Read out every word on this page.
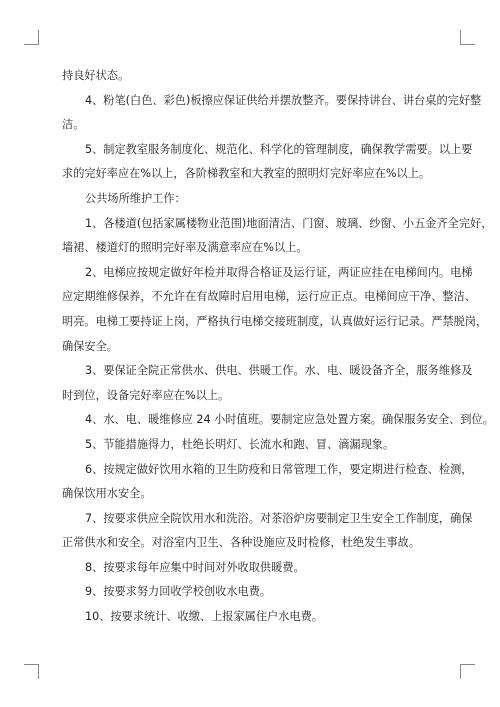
持良好状态。
4、粉笔(白色、彩色)板擦应保证供给并摆放整齐。要保持讲台、讲台桌的完好整
洁。
5、制定教室服务制度化、规范化、科学化的管理制度，确保教学需要。以上要
求的完好率应在%以上，各阶梯教室和大教室的照明灯完好率应在%以上。
公共场所维护工作：
1、各楼道(包括家属楼物业范围)地面清洁、门窗、玻璃、纱窗、小五金齐全完好，
墙裙、楼道灯的照明完好率及满意率应在%以上。
2、电梯应按规定做好年检并取得合格证及运行证，两证应挂在电梯间内。电梯
应定期维修保养，不允许在有故障时启用电梯，运行应正点。电梯间应干净、整洁、
明亮。电梯工要持证上岗，严格执行电梯交接班制度，认真做好运行记录。严禁脱岗，
确保安全。
3、要保证全院正常供水、供电、供暖工作。水、电、暖设备齐全，服务维修及
时到位，设备完好率应在%以上。
4、水、电、暖维修应 24 小时值班。要制定应急处置方案。确保服务安全、到位。
5、节能措施得力，杜绝长明灯、长流水和跑、冒、滴漏现象。
6、按规定做好饮用水箱的卫生防疫和日常管理工作，要定期进行检查、检测，
确保饮用水安全。
7、按要求供应全院饮用水和洗浴。对茶浴炉房要制定卫生安全工作制度，确保
正常供水和安全。对浴室内卫生、各种设施应及时检修，杜绝发生事故。
8、按要求每年应集中时间对外收取供暖费。
9、按要求努力回收学校创收水电费。
10、按要求统计、收缴、上报家属住户水电费。
